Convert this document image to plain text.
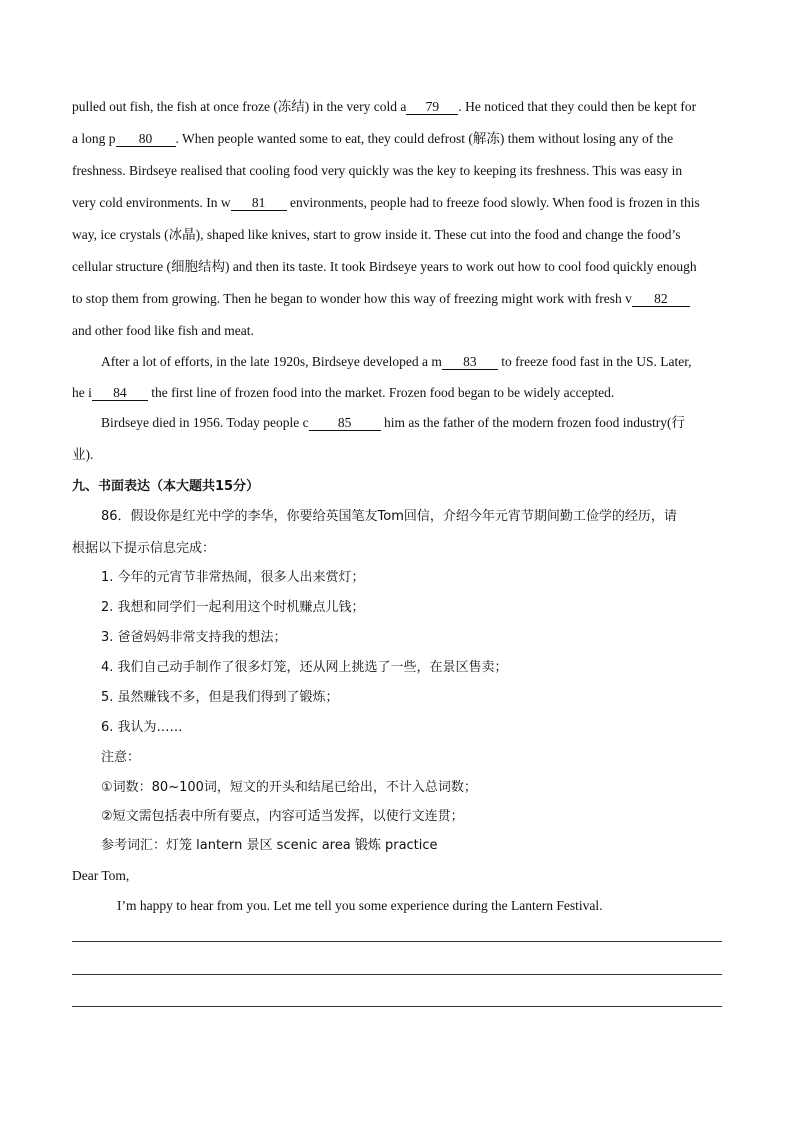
pulled out fish, the fish at once froze (冻结) in the very cold a 79 . He noticed that they could then be kept for
a long p 80 . When people wanted some to eat, they could defrost (解冻) them without losing any of the
freshness. Birdseye realised that cooling food very quickly was the key to keeping its freshness. This was easy in
very cold environments. In w 81 environments, people had to freeze food slowly. When food is frozen in this
way, ice crystals (冰晶), shaped like knives, start to grow inside it. These cut into the food and change the food’s
cellular structure (细胞结构) and then its taste. It took Birdseye years to work out how to cool food quickly enough
to stop them from growing. Then he began to wonder how this way of freezing might work with fresh v 82
and other food like fish and meat.
After a lot of efforts, in the late 1920s, Birdseye developed a m 83 to freeze food fast in the US. Later,
he i 84 the first line of frozen food into the market. Frozen food began to be widely accepted.
Birdseye died in 1956. Today people c 85 him as the father of the modern frozen food industry(行
业).
九、书面表达（本大题共15分）
86．假设你是红光中学的李华，你要给英国笔友Tom回信，介绍今年元宵节期间勤工俭学的经历，请
根据以下提示信息完成：
1. 今年的元宵节非常热闹，很多人出来赏灯；
2. 我想和同学们一起利用这个时机赚点儿钱；
3. 爸爸妈妈非常支持我的想法；
4. 我们自己动手制作了很多灯笼，还从网上挑选了一些，在景区售卖；
5. 虽然赚钱不多，但是我们得到了锻炼；
6. 我认为……
注意：
①词数：80~100词，短文的开头和结尾已给出，不计入总词数；
②短文需包括表中所有要点，内容可适当发挥，以使行文连贯；
参考词汇：灯笼 lantern 景区 scenic area 锻炼 practice
Dear Tom,
I’m happy to hear from you. Let me tell you some experience during the Lantern Festival.
